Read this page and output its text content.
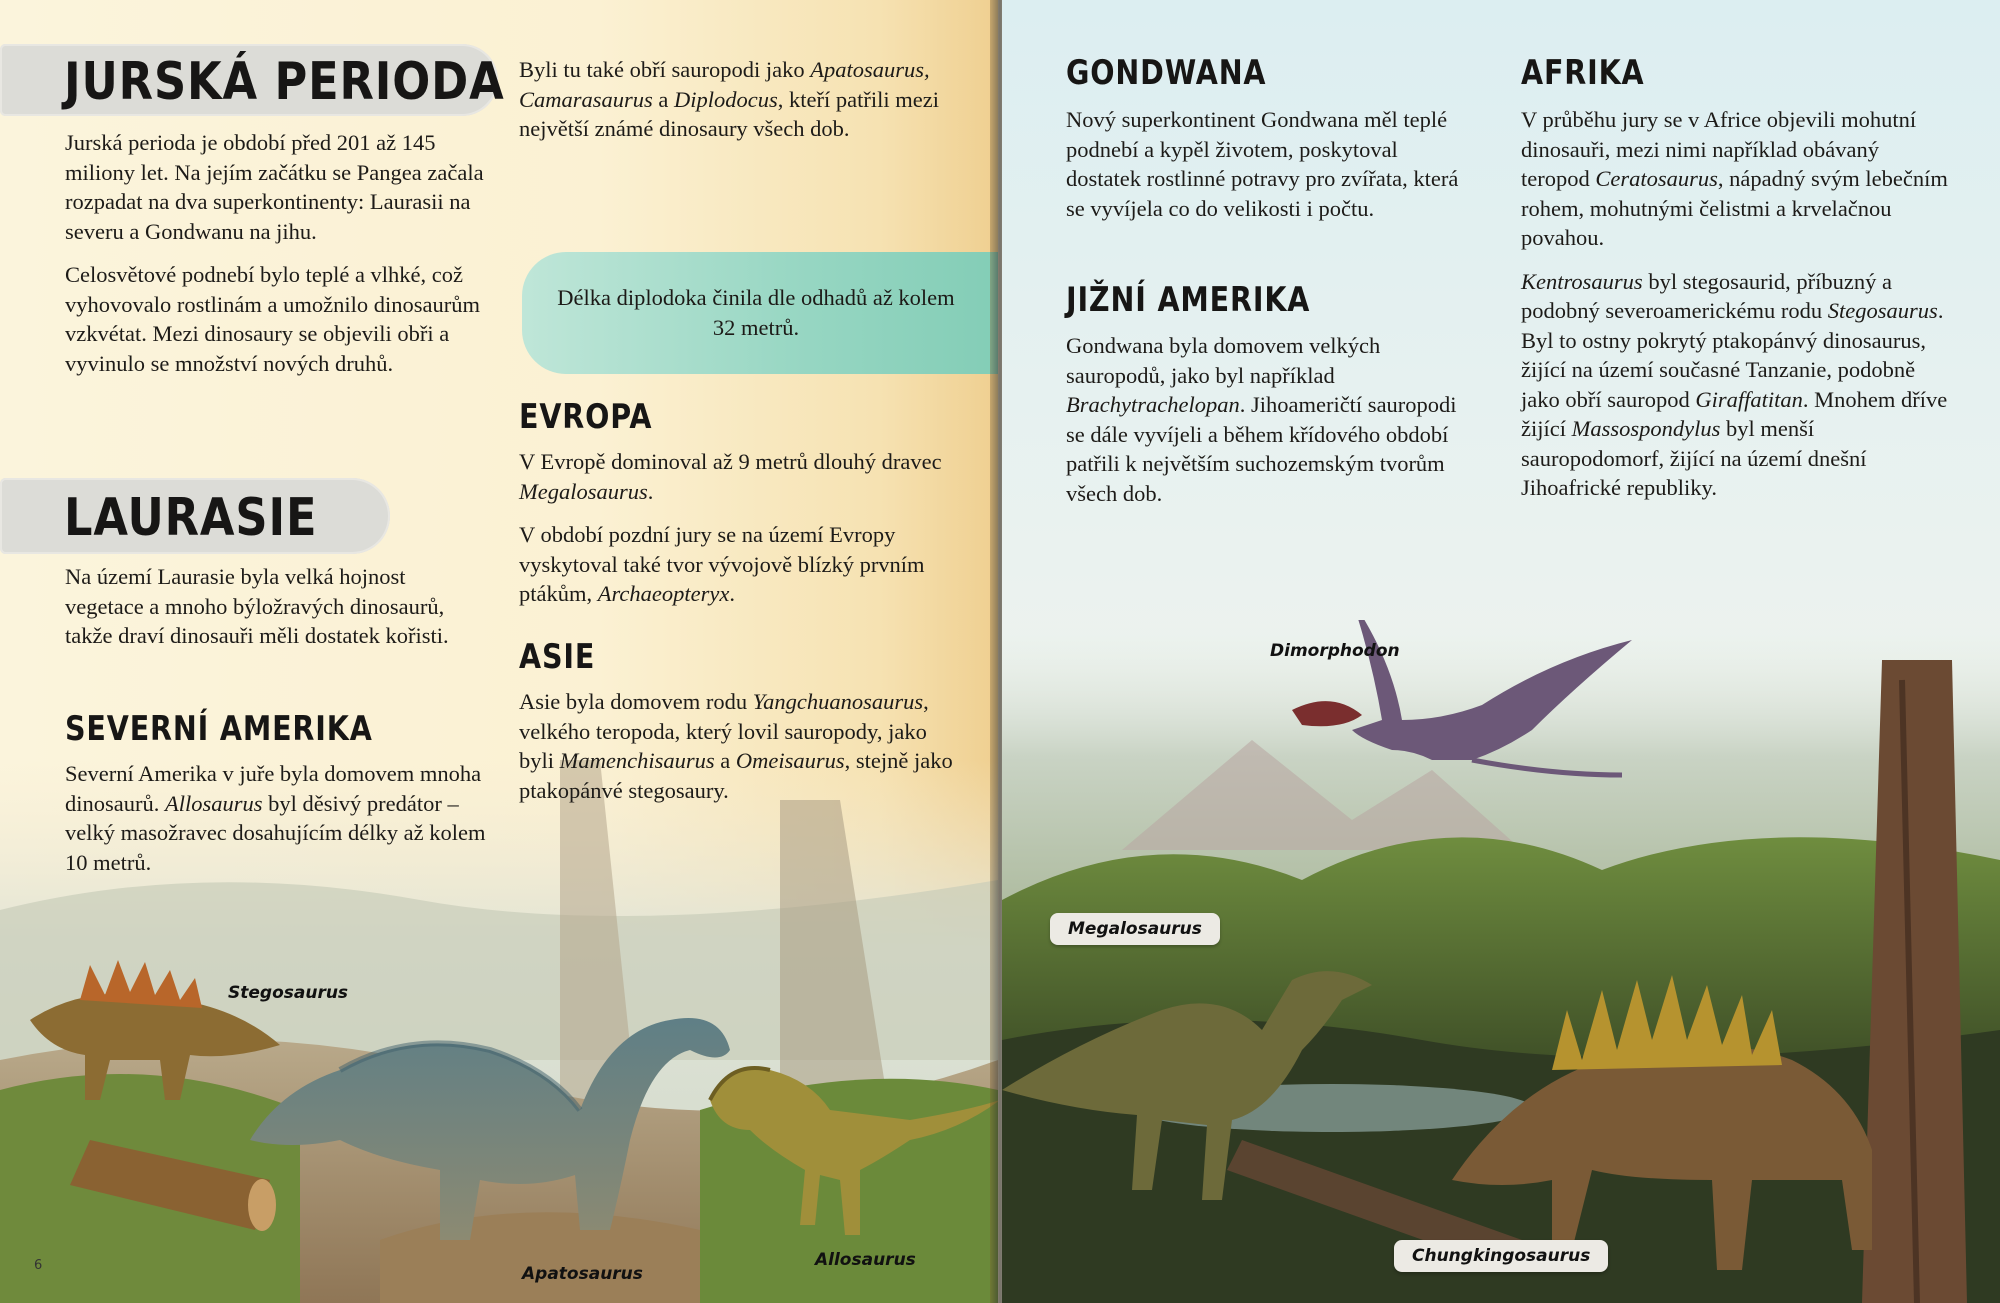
JURSKÁ PERIODA

Jurská perioda je období před 201 až 145 miliony let. Na jejím začátku se Pangea začala rozpadat na dva superkontinenty: Laurasii na severu a Gondwanu na jihu.

Celosvětové podnebí bylo teplé a vlhké, což vyhovovalo rostlinám a umožnilo dinosaurům vzkvétat. Mezi dinosaury se objevili obři a vyvinulo se množství nových druhů.

LAURASIE
Na území Laurasie byla velká hojnost vegetace a mnoho býložravých dinosaurů, takže draví dinosauři měli dostatek kořisti.
SEVERNÍ AMERIKA
Severní Amerika v juře byla domovem mnoha dinosaurů. Allosaurus byl děsivý predátor – velký masožravec dosahujícím délky až kolem 10 metrů.
Byli tu také obří sauropodi jako Apatosaurus, Camarasaurus a Diplodocus, kteří patřili mezi největší známé dinosaury všech dob.
Délka diplodoka činila dle odhadů až kolem 32 metrů.
EVROPA

V Evropě dominoval až 9 metrů dlouhý dravec Megalosaurus.

V období pozdní jury se na území Evropy vyskytoval také tvor vývojově blízký prvním ptákům, Archaeopteryx.

ASIE
Asie byla domovem rodu Yangchuanosaurus, velkého teropoda, který lovil sauropody, jako byli Mamenchisaurus a Omeisaurus, stejně jako ptakopánvé stegosaury.
Stegosaurus
Apatosaurus
Allosaurus
6
GONDWANA
Nový superkontinent Gondwana měl teplé podnebí a kypěl životem, poskytoval dostatek rostlinné potravy pro zvířata, která se vyvíjela co do velikosti i počtu.
JIŽNÍ AMERIKA
Gondwana byla domovem velkých sauropodů, jako byl například Brachytrachelopan. Jihoameričtí sauropodi se dále vyvíjeli a během křídového období patřili k největším suchozemským tvorům všech dob.
AFRIKA

V průběhu jury se v Africe objevili mohutní dinosauři, mezi nimi například obávaný teropod Ceratosaurus, nápadný svým lebečním rohem, mohutnými čelistmi a krvelačnou povahou.

Kentrosaurus byl stegosaurid, příbuzný a podobný severoamerickému rodu Stegosaurus. Byl to ostny pokrytý ptakopánvý dinosaurus, žijící na území současné Tanzanie, podobně jako obří sauropod Giraffatitan. Mnohem dříve žijící Massospondylus byl menší sauropodomorf, žijící na území dnešní Jihoafrické republiky.

Dimorphodon
Megalosaurus
Chungkingosaurus
